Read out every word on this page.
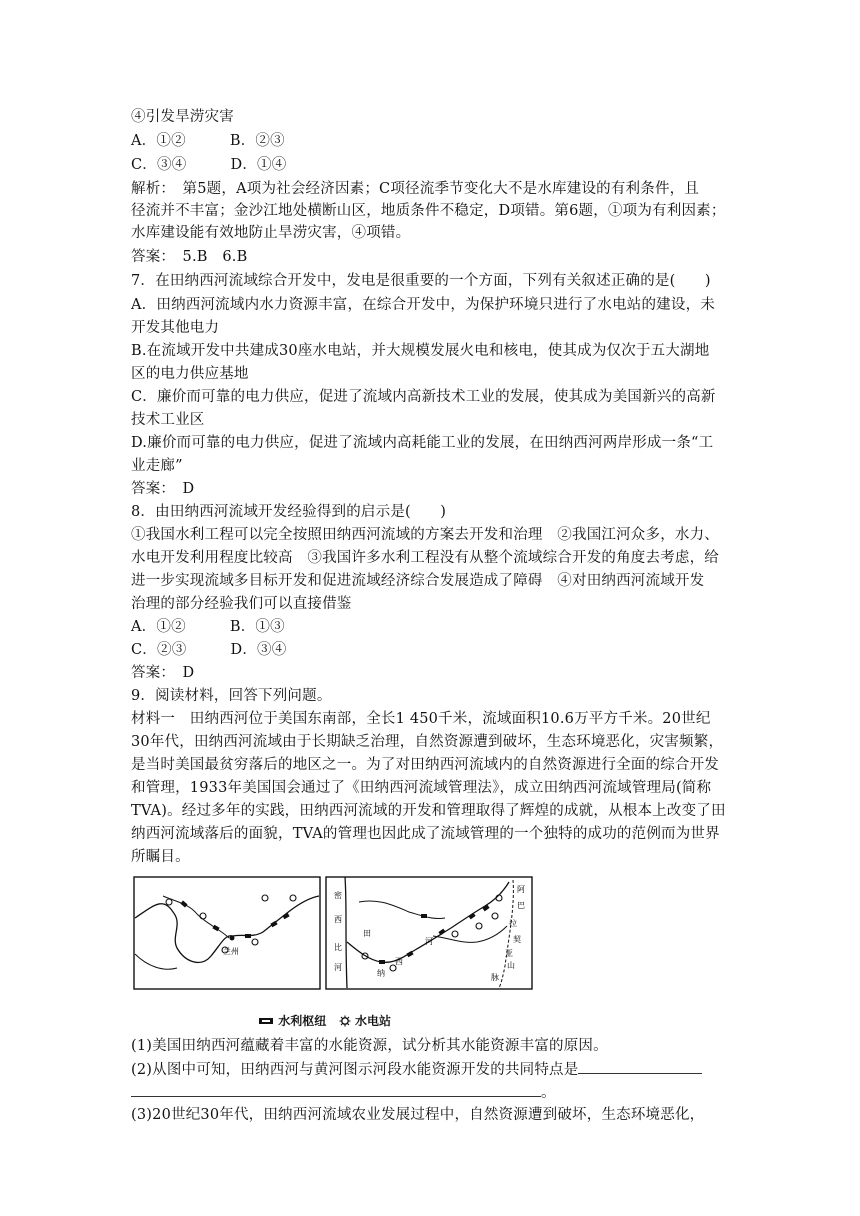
④引发旱涝灾害
A．①②　　　B．②③
C．③④　　　D．①④
解析：　第5题，A项为社会经济因素；C项径流季节变化大不是水库建设的有利条件，且
径流并不丰富；金沙江地处横断山区，地质条件不稳定，D项错。第6题，①项为有利因素；
水库建设能有效地防止旱涝灾害，④项错。
答案：　5.B　6.B
7．在田纳西河流域综合开发中，发电是很重要的一个方面，下列有关叙述正确的是(　　)
A．田纳西河流域内水力资源丰富，在综合开发中，为保护环境只进行了水电站的建设，未
开发其他电力
B.在流域开发中共建成30座水电站，并大规模发展火电和核电，使其成为仅次于五大湖地
区的电力供应基地
C．廉价而可靠的电力供应，促进了流域内高新技术工业的发展，使其成为美国新兴的高新
技术工业区
D.廉价而可靠的电力供应，促进了流域内高耗能工业的发展，在田纳西河两岸形成一条“工
业走廊”
答案：　D
8．由田纳西河流域开发经验得到的启示是(　　)
①我国水利工程可以完全按照田纳西河流域的方案去开发和治理　②我国江河众多，水力、
水电开发利用程度比较高　③我国许多水利工程没有从整个流域综合开发的角度去考虑，给
进一步实现流域多目标开发和促进流域经济综合发展造成了障碍　④对田纳西河流域开发
治理的部分经验我们可以直接借鉴
A．①②　　　B．①③
C．②③　　　D．③④
答案：　D
9．阅读材料，回答下列问题。
材料一　田纳西河位于美国东南部，全长1 450千米，流域面积10.6万平方千米。20世纪
30年代，田纳西河流域由于长期缺乏治理，自然资源遭到破坏，生态环境恶化，灾害频繁，
是当时美国最贫穷落后的地区之一。为了对田纳西河流域内的自然资源进行全面的综合开发
和管理，1933年美国国会通过了《田纳西河流域管理法》，成立田纳西河流域管理局(简称
TVA)。经过多年的实践，田纳西河流域的开发和管理取得了辉煌的成就，从根本上改变了田
纳西河流域落后的面貌，TVA的管理也因此成了流域管理的一个独特的成功的范例而为世界
所瞩目。
兰州
密
西
比
河
田
纳
西
河
阿
巴
拉
契
亚
山
脉
水利枢纽 水电站
(1)美国田纳西河蕴藏着丰富的水能资源，试分析其水能资源丰富的原因。
(2)从图中可知，田纳西河与黄河图示河段水能资源开发的共同特点是
。
(3)20世纪30年代，田纳西河流域农业发展过程中，自然资源遭到破坏，生态环境恶化，
